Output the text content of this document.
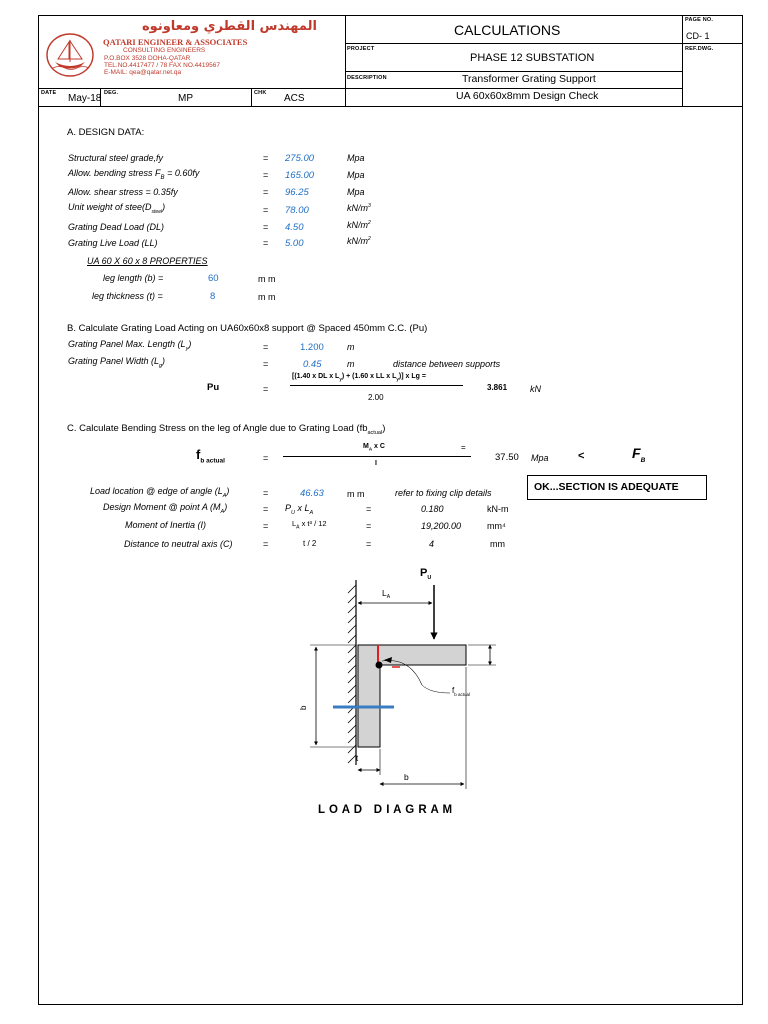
المهندس القطري ومعاونوه
QATARI ENGINEER & ASSOCIATES
CONSULTING ENGINEERS
P.O.BOX 3528 DOHA-QATAR
TEL.NO.4417477 / 78 FAX NO.4419567
E-MAIL: qea@qatar.net.qa
CALCULATIONS
PAGE NO.
CD- 1
REF.DWG.
PROJECT
PHASE 12 SUBSTATION
DESCRIPTION	Transformer Grating Support
UA 60x60x8mm Design Check
DATE May-18 DEG.	MP	CHK ACS
A. DESIGN DATA:
Structural steel grade,fy	= 275.00	Mpa
Allow. bending stress $F_B = 0.60fy$	= 165.00	Mpa
Allow. shear stress = 0.35fy	= 96.25	Mpa
Unit weight of $stee(D_{steel})$	= 78.00	$kN/m^3$
Grating Dead Load (DL)	= 4.50	$kN/m^2$
Grating Live Load (LL)	= 5.00	$kN/m^2$
UA 60 X 60 x 8 PROPERTIES
leg length (b) =	60	m m
leg thickness (t) =	8	m m
B. Calculate Grating Load Acting on UA60x60x8 support @ Spaced 450mm C.C. (Pu)
Grating Panel Max. Length $(L_y)$	=	1.200	m
Grating Panel Width $(L_g)$	=	0.45	m	distance between supports
Pu	=
[(1.40 x DL x $L_y) + (1.60$ x LL x $L_y$)] x Lg =
2.00
3.861	kN
C. Calculate Bending Stress on the leg of Angle due to Grating Load $(fb_{actual})$
$f_{b actual}$	=
$M_A$ x C	=
I
37.50 Mpa	<	$F_B$
OK...SECTION IS ADEQUATE
Load location @ edge of angle $(L_A)$	=	46.63	m m	refer to fixing clip details
Design Moment @ point A $(M_A)$	= $P_U$ x $L_A$	=	0.180	kN-m
Moment of Inertia (I)	=	$L_A$ x t³ / 12	=	19,200.00	mm⁴
Distance to neutral axis (C)	=	t / 2	=	4	mm
$P_U$
$L_A$
$f_{b actual}$
b
t
b
L O A D   D I A G R A M
